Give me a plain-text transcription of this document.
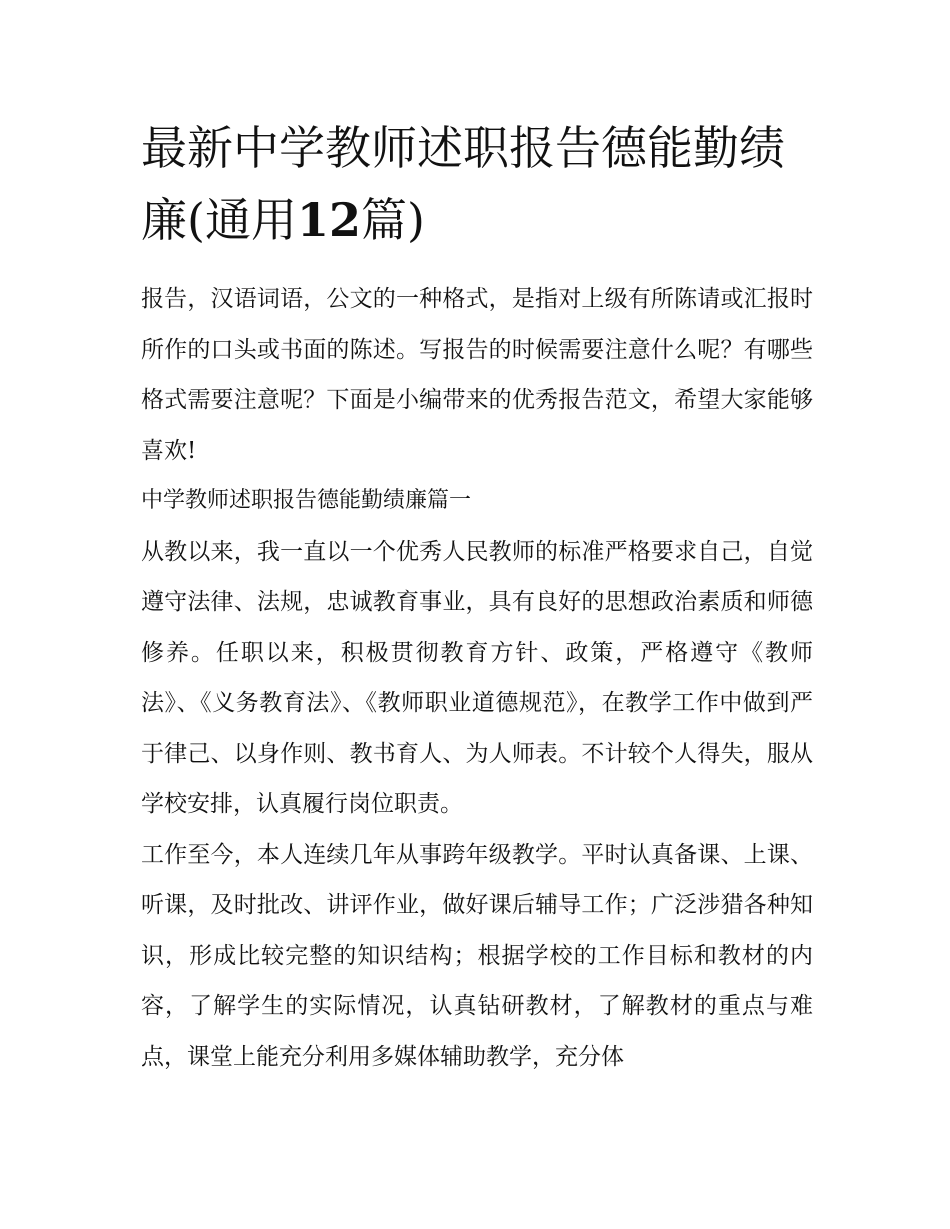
最新中学教师述职报告德能勤绩廉(通用12篇)

报告，汉语词语，公文的一种格式，是指对上级有所陈请或汇报时所作的口头或书面的陈述。写报告的时候需要注意什么呢？有哪些格式需要注意呢？下面是小编带来的优秀报告范文，希望大家能够喜欢!

中学教师述职报告德能勤绩廉篇一

从教以来，我一直以一个优秀人民教师的标准严格要求自己，自觉遵守法律、法规，忠诚教育事业，具有良好的思想政治素质和师德修养。任职以来，积极贯彻教育方针、政策，严格遵守《教师法》、《义务教育法》、《教师职业道德规范》，在教学工作中做到严于律己、以身作则、教书育人、为人师表。不计较个人得失，服从学校安排，认真履行岗位职责。

工作至今，本人连续几年从事跨年级教学。平时认真备课、上课、听课，及时批改、讲评作业，做好课后辅导工作；广泛涉猎各种知识，形成比较完整的知识结构；根据学校的工作目标和教材的内容，了解学生的实际情况，认真钻研教材，了解教材的重点与难点，课堂上能充分利用多媒体辅助教学，充分体
